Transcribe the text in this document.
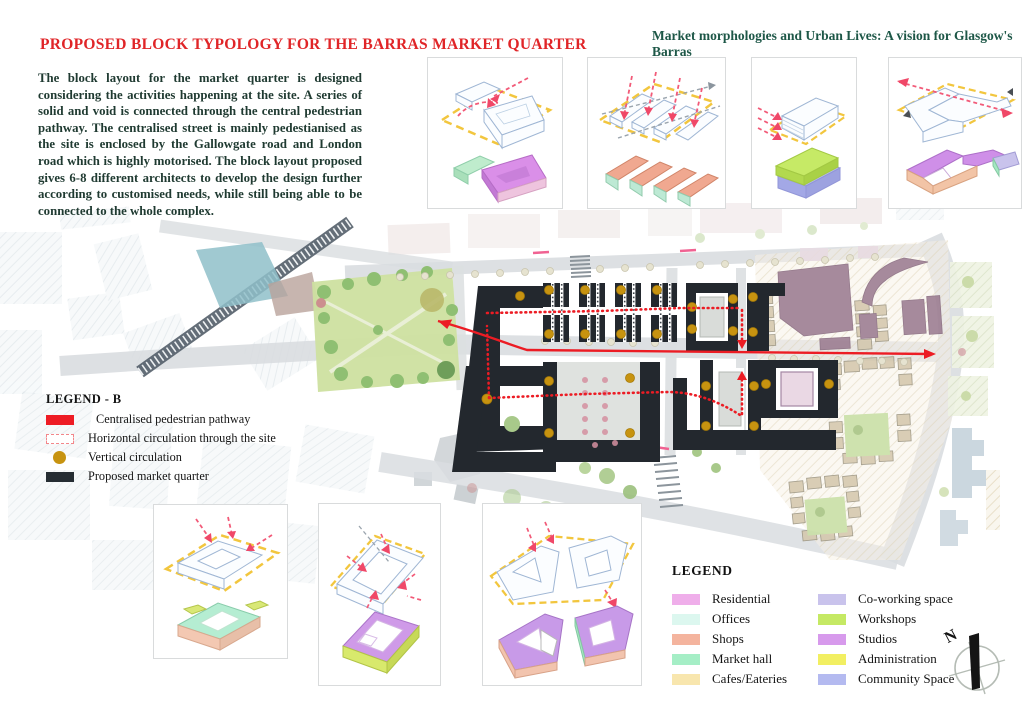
PROPOSED BLOCK TYPOLOGY FOR THE BARRAS MARKET QUARTER
Market morphologies and Urban Lives: A vision for Glasgow's Barras

The block layout for the market quarter is designed considering the activities happening at the site. A series of solid and void is connected through the central pedestrian pathway. The centralised street is mainly pedestianised as the site is enclosed by the Gallowgate road and London road which is highly motorised. The block layout proposed gives 6-8 different architects to develop the design further according to customised needs, while still being able to be connected to the whole complex.

LEGEND - B
Centralised pedestrian pathway
Horizontal circulation through the site
Vertical circulation
Proposed market quarter
LEGEND
Residential
Offices
Shops
Market hall
Cafes/Eateries
Co-working space
Workshops
Studios
Administration
Community Space
N
